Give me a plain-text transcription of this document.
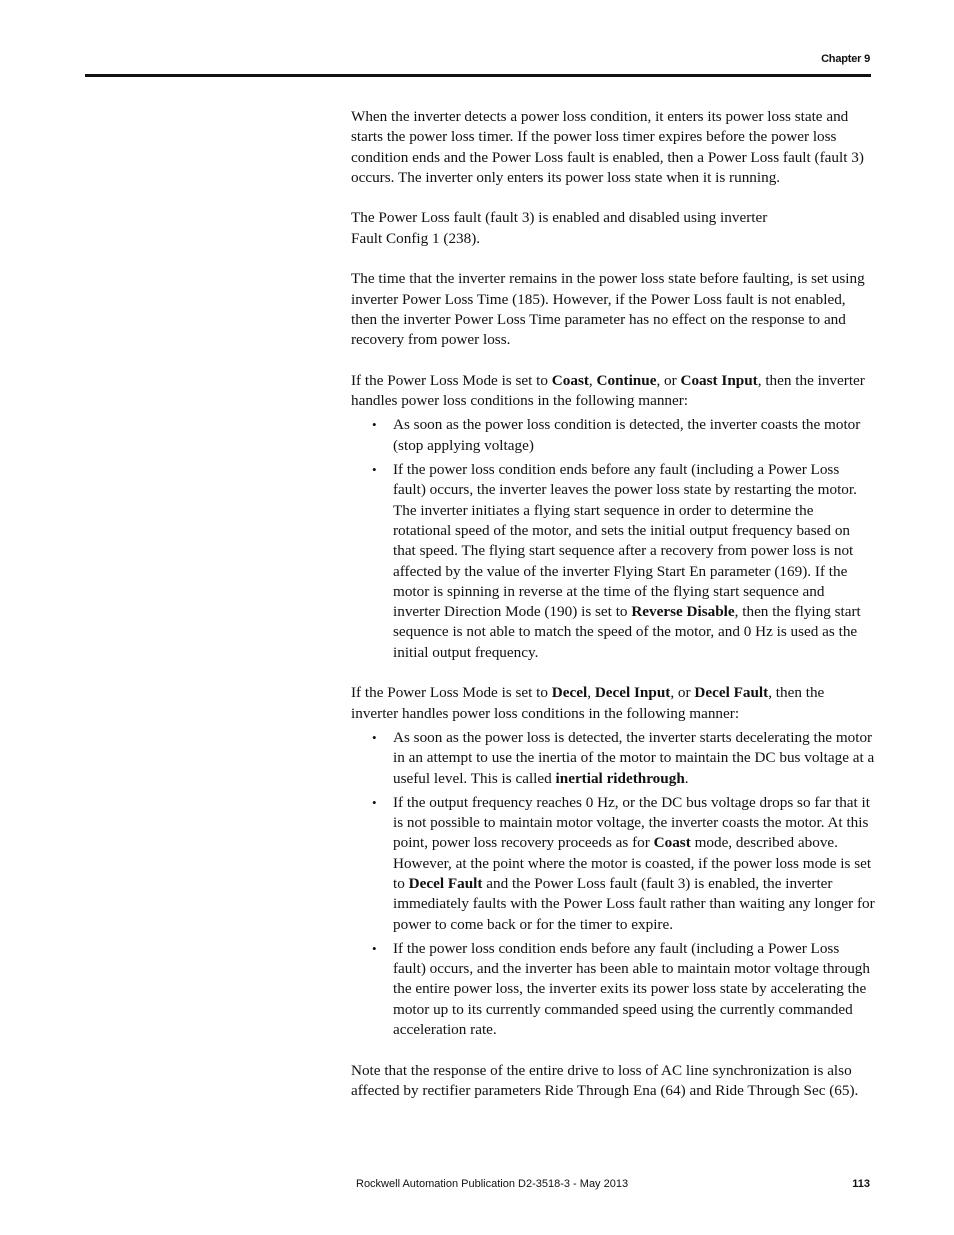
Chapter 9

When the inverter detects a power loss condition, it enters its power loss state and starts the power loss timer. If the power loss timer expires before the power loss condition ends and the Power Loss fault is enabled, then a Power Loss fault (fault 3) occurs. The inverter only enters its power loss state when it is running.

The Power Loss fault (fault 3) is enabled and disabled using inverter
Fault Config 1 (238).

The time that the inverter remains in the power loss state before faulting, is set using inverter Power Loss Time (185). However, if the Power Loss fault is not enabled, then the inverter Power Loss Time parameter has no effect on the response to and recovery from power loss.

If the Power Loss Mode is set to Coast, Continue, or Coast Input, then the inverter handles power loss conditions in the following manner:

• As soon as the power loss condition is detected, the inverter coasts the motor (stop applying voltage)
• If the power loss condition ends before any fault (including a Power Loss fault) occurs, the inverter leaves the power loss state by restarting the motor. The inverter initiates a flying start sequence in order to determine the rotational speed of the motor, and sets the initial output frequency based on that speed. The flying start sequence after a recovery from power loss is not affected by the value of the inverter Flying Start En parameter (169). If the motor is spinning in reverse at the time of the flying start sequence and inverter Direction Mode (190) is set to Reverse Disable, then the flying start sequence is not able to match the speed of the motor, and 0 Hz is used as the initial output frequency.

If the Power Loss Mode is set to Decel, Decel Input, or Decel Fault, then the inverter handles power loss conditions in the following manner:

• As soon as the power loss is detected, the inverter starts decelerating the motor in an attempt to use the inertia of the motor to maintain the DC bus voltage at a useful level. This is called inertial ridethrough.
• If the output frequency reaches 0 Hz, or the DC bus voltage drops so far that it is not possible to maintain motor voltage, the inverter coasts the motor. At this point, power loss recovery proceeds as for Coast mode, described above. However, at the point where the motor is coasted, if the power loss mode is set to Decel Fault and the Power Loss fault (fault 3) is enabled, the inverter immediately faults with the Power Loss fault rather than waiting any longer for power to come back or for the timer to expire.
• If the power loss condition ends before any fault (including a Power Loss fault) occurs, and the inverter has been able to maintain motor voltage through the entire power loss, the inverter exits its power loss state by accelerating the motor up to its currently commanded speed using the currently commanded acceleration rate.

Note that the response of the entire drive to loss of AC line synchronization is also affected by rectifier parameters Ride Through Ena (64) and Ride Through Sec (65).

Rockwell Automation Publication D2-3518-3 - May 2013	113
